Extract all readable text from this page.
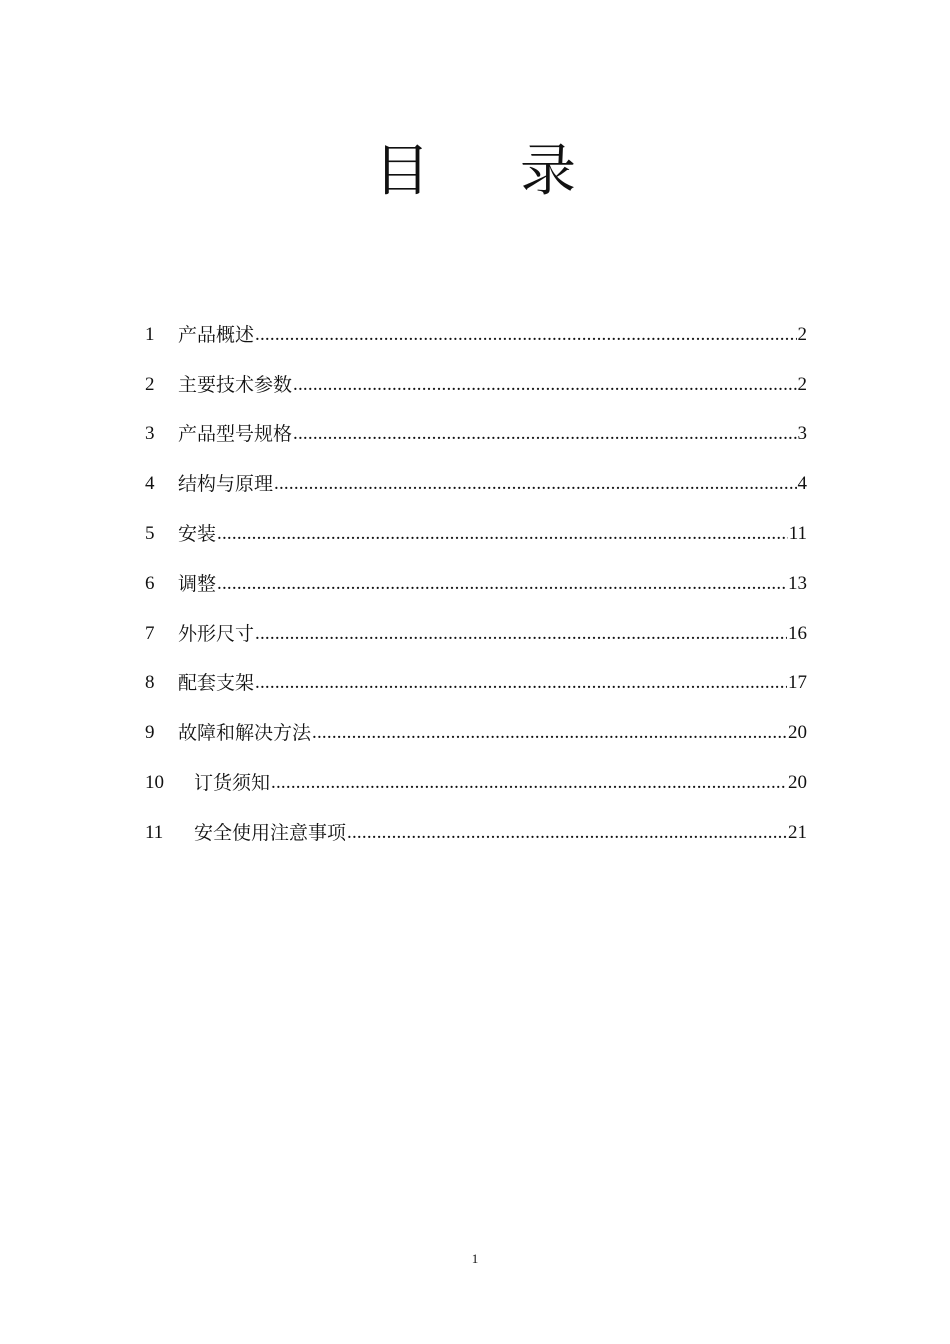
目 录
1	产品概述 .....	2
2	主要技术参数 .....	2
3	产品型号规格 .....	3
4	结构与原理 .....	4
5	安装 .....	11
6	调整 .....	13
7	外形尺寸 .....	16
8	配套支架 .....	17
9	故障和解决方法 .....	20
10	订货须知 .....	20
11	安全使用注意事项 .....	21
1
